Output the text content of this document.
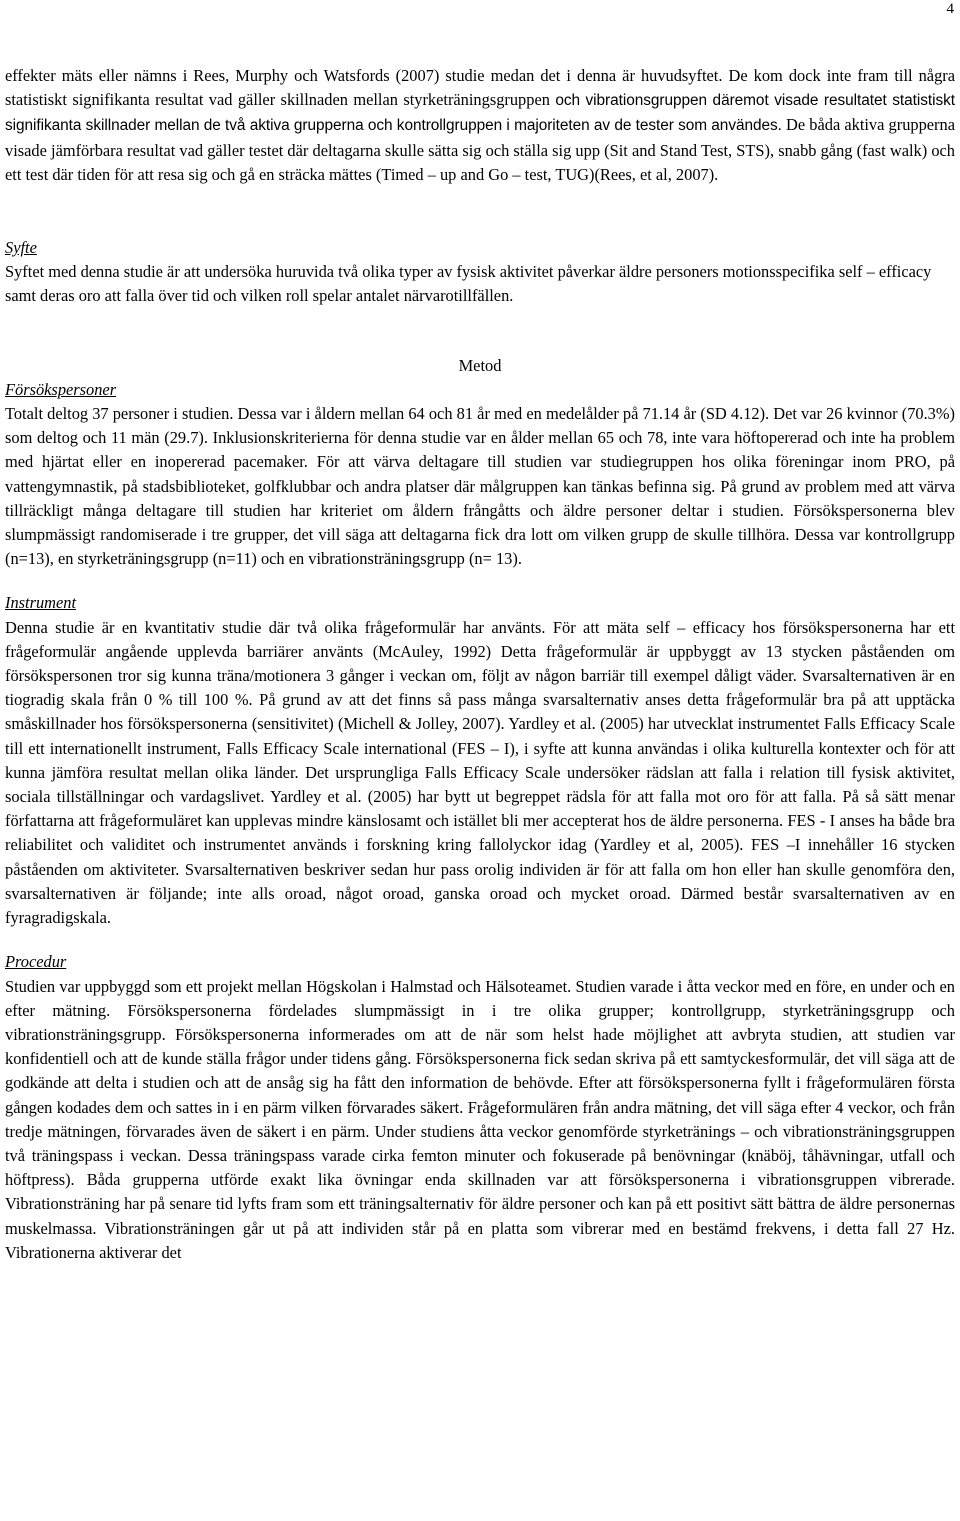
4

effekter mäts eller nämns i Rees, Murphy och Watsfords (2007) studie medan det i denna är huvudsyftet. De kom dock inte fram till några statistiskt signifikanta resultat vad gäller skillnaden mellan styrketräningsgruppen och vibrationsgruppen däremot visade resultatet statistiskt signifikanta skillnader mellan de två aktiva grupperna och kontrollgruppen i majoriteten av de tester som användes. De båda aktiva grupperna visade jämförbara resultat vad gäller testet där deltagarna skulle sätta sig och ställa sig upp (Sit and Stand Test, STS), snabb gång (fast walk) och ett test där tiden för att resa sig och gå en sträcka mättes (Timed – up and Go – test, TUG)(Rees, et al, 2007).

Syfte

Syftet med denna studie är att undersöka huruvida två olika typer av fysisk aktivitet påverkar äldre personers motionsspecifika self – efficacy samt deras oro att falla över tid och vilken roll spelar antalet närvarotillfällen.

Metod

Försökspersoner

Totalt deltog 37 personer i studien. Dessa var i åldern mellan 64 och 81 år med en medelålder på 71.14 år (SD 4.12). Det var 26 kvinnor (70.3%) som deltog och 11 män (29.7). Inklusionskriterierna för denna studie var en ålder mellan 65 och 78, inte vara höftopererad och inte ha problem med hjärtat eller en inopererad pacemaker. För att värva deltagare till studien var studiegruppen hos olika föreningar inom PRO, på vattengymnastik, på stadsbiblioteket, golfklubbar och andra platser där målgruppen kan tänkas befinna sig. På grund av problem med att värva tillräckligt många deltagare till studien har kriteriet om åldern frångåtts och äldre personer deltar i studien. Försökspersonerna blev slumpmässigt randomiserade i tre grupper, det vill säga att deltagarna fick dra lott om vilken grupp de skulle tillhöra. Dessa var kontrollgrupp (n=13), en styrketräningsgrupp (n=11) och en vibrationsträningsgrupp (n= 13).

Instrument

Denna studie är en kvantitativ studie där två olika frågeformulär har använts. För att mäta self – efficacy hos försökspersonerna har ett frågeformulär angående upplevda barriärer använts (McAuley, 1992) Detta frågeformulär är uppbyggt av 13 stycken påståenden om försökspersonen tror sig kunna träna/motionera 3 gånger i veckan om, följt av någon barriär till exempel dåligt väder. Svarsalternativen är en tiogradig skala från 0 % till 100 %. På grund av att det finns så pass många svarsalternativ anses detta frågeformulär bra på att upptäcka småskillnader hos försökspersonerna (sensitivitet) (Michell & Jolley, 2007). Yardley et al. (2005) har utvecklat instrumentet Falls Efficacy Scale till ett internationellt instrument, Falls Efficacy Scale international (FES – I), i syfte att kunna användas i olika kulturella kontexter och för att kunna jämföra resultat mellan olika länder. Det ursprungliga Falls Efficacy Scale undersöker rädslan att falla i relation till fysisk aktivitet, sociala tillställningar och vardagslivet. Yardley et al. (2005) har bytt ut begreppet rädsla för att falla mot oro för att falla. På så sätt menar författarna att frågeformuläret kan upplevas mindre känslosamt och istället bli mer accepterat hos de äldre personerna. FES - I anses ha både bra reliabilitet och validitet och instrumentet används i forskning kring fallolyckor idag (Yardley et al, 2005). FES –I innehåller 16 stycken påståenden om aktiviteter. Svarsalternativen beskriver sedan hur pass orolig individen är för att falla om hon eller han skulle genomföra den, svarsalternativen är följande; inte alls oroad, något oroad, ganska oroad och mycket oroad. Därmed består svarsalternativen av en fyragradigskala.

Procedur

Studien var uppbyggd som ett projekt mellan Högskolan i Halmstad och Hälsoteamet. Studien varade i åtta veckor med en före, en under och en efter mätning. Försökspersonerna fördelades slumpmässigt in i tre olika grupper; kontrollgrupp, styrketräningsgrupp och vibrationsträningsgrupp. Försökspersonerna informerades om att de när som helst hade möjlighet att avbryta studien, att studien var konfidentiell och att de kunde ställa frågor under tidens gång. Försökspersonerna fick sedan skriva på ett samtyckesformulär, det vill säga att de godkände att delta i studien och att de ansåg sig ha fått den information de behövde. Efter att försökspersonerna fyllt i frågeformulären första gången kodades dem och sattes in i en pärm vilken förvarades säkert. Frågeformulären från andra mätning, det vill säga efter 4 veckor, och från tredje mätningen, förvarades även de säkert i en pärm. Under studiens åtta veckor genomförde styrketränings – och vibrationsträningsgruppen två träningspass i veckan. Dessa träningspass varade cirka femton minuter och fokuserade på benövningar (knäböj, tåhävningar, utfall och höftpress). Båda grupperna utförde exakt lika övningar enda skillnaden var att försökspersonerna i vibrationsgruppen vibrerade. Vibrationsträning har på senare tid lyfts fram som ett träningsalternativ för äldre personer och kan på ett positivt sätt bättra de äldre personernas muskelmassa. Vibrationsträningen går ut på att individen står på en platta som vibrerar med en bestämd frekvens, i detta fall 27 Hz. Vibrationerna aktiverar det
